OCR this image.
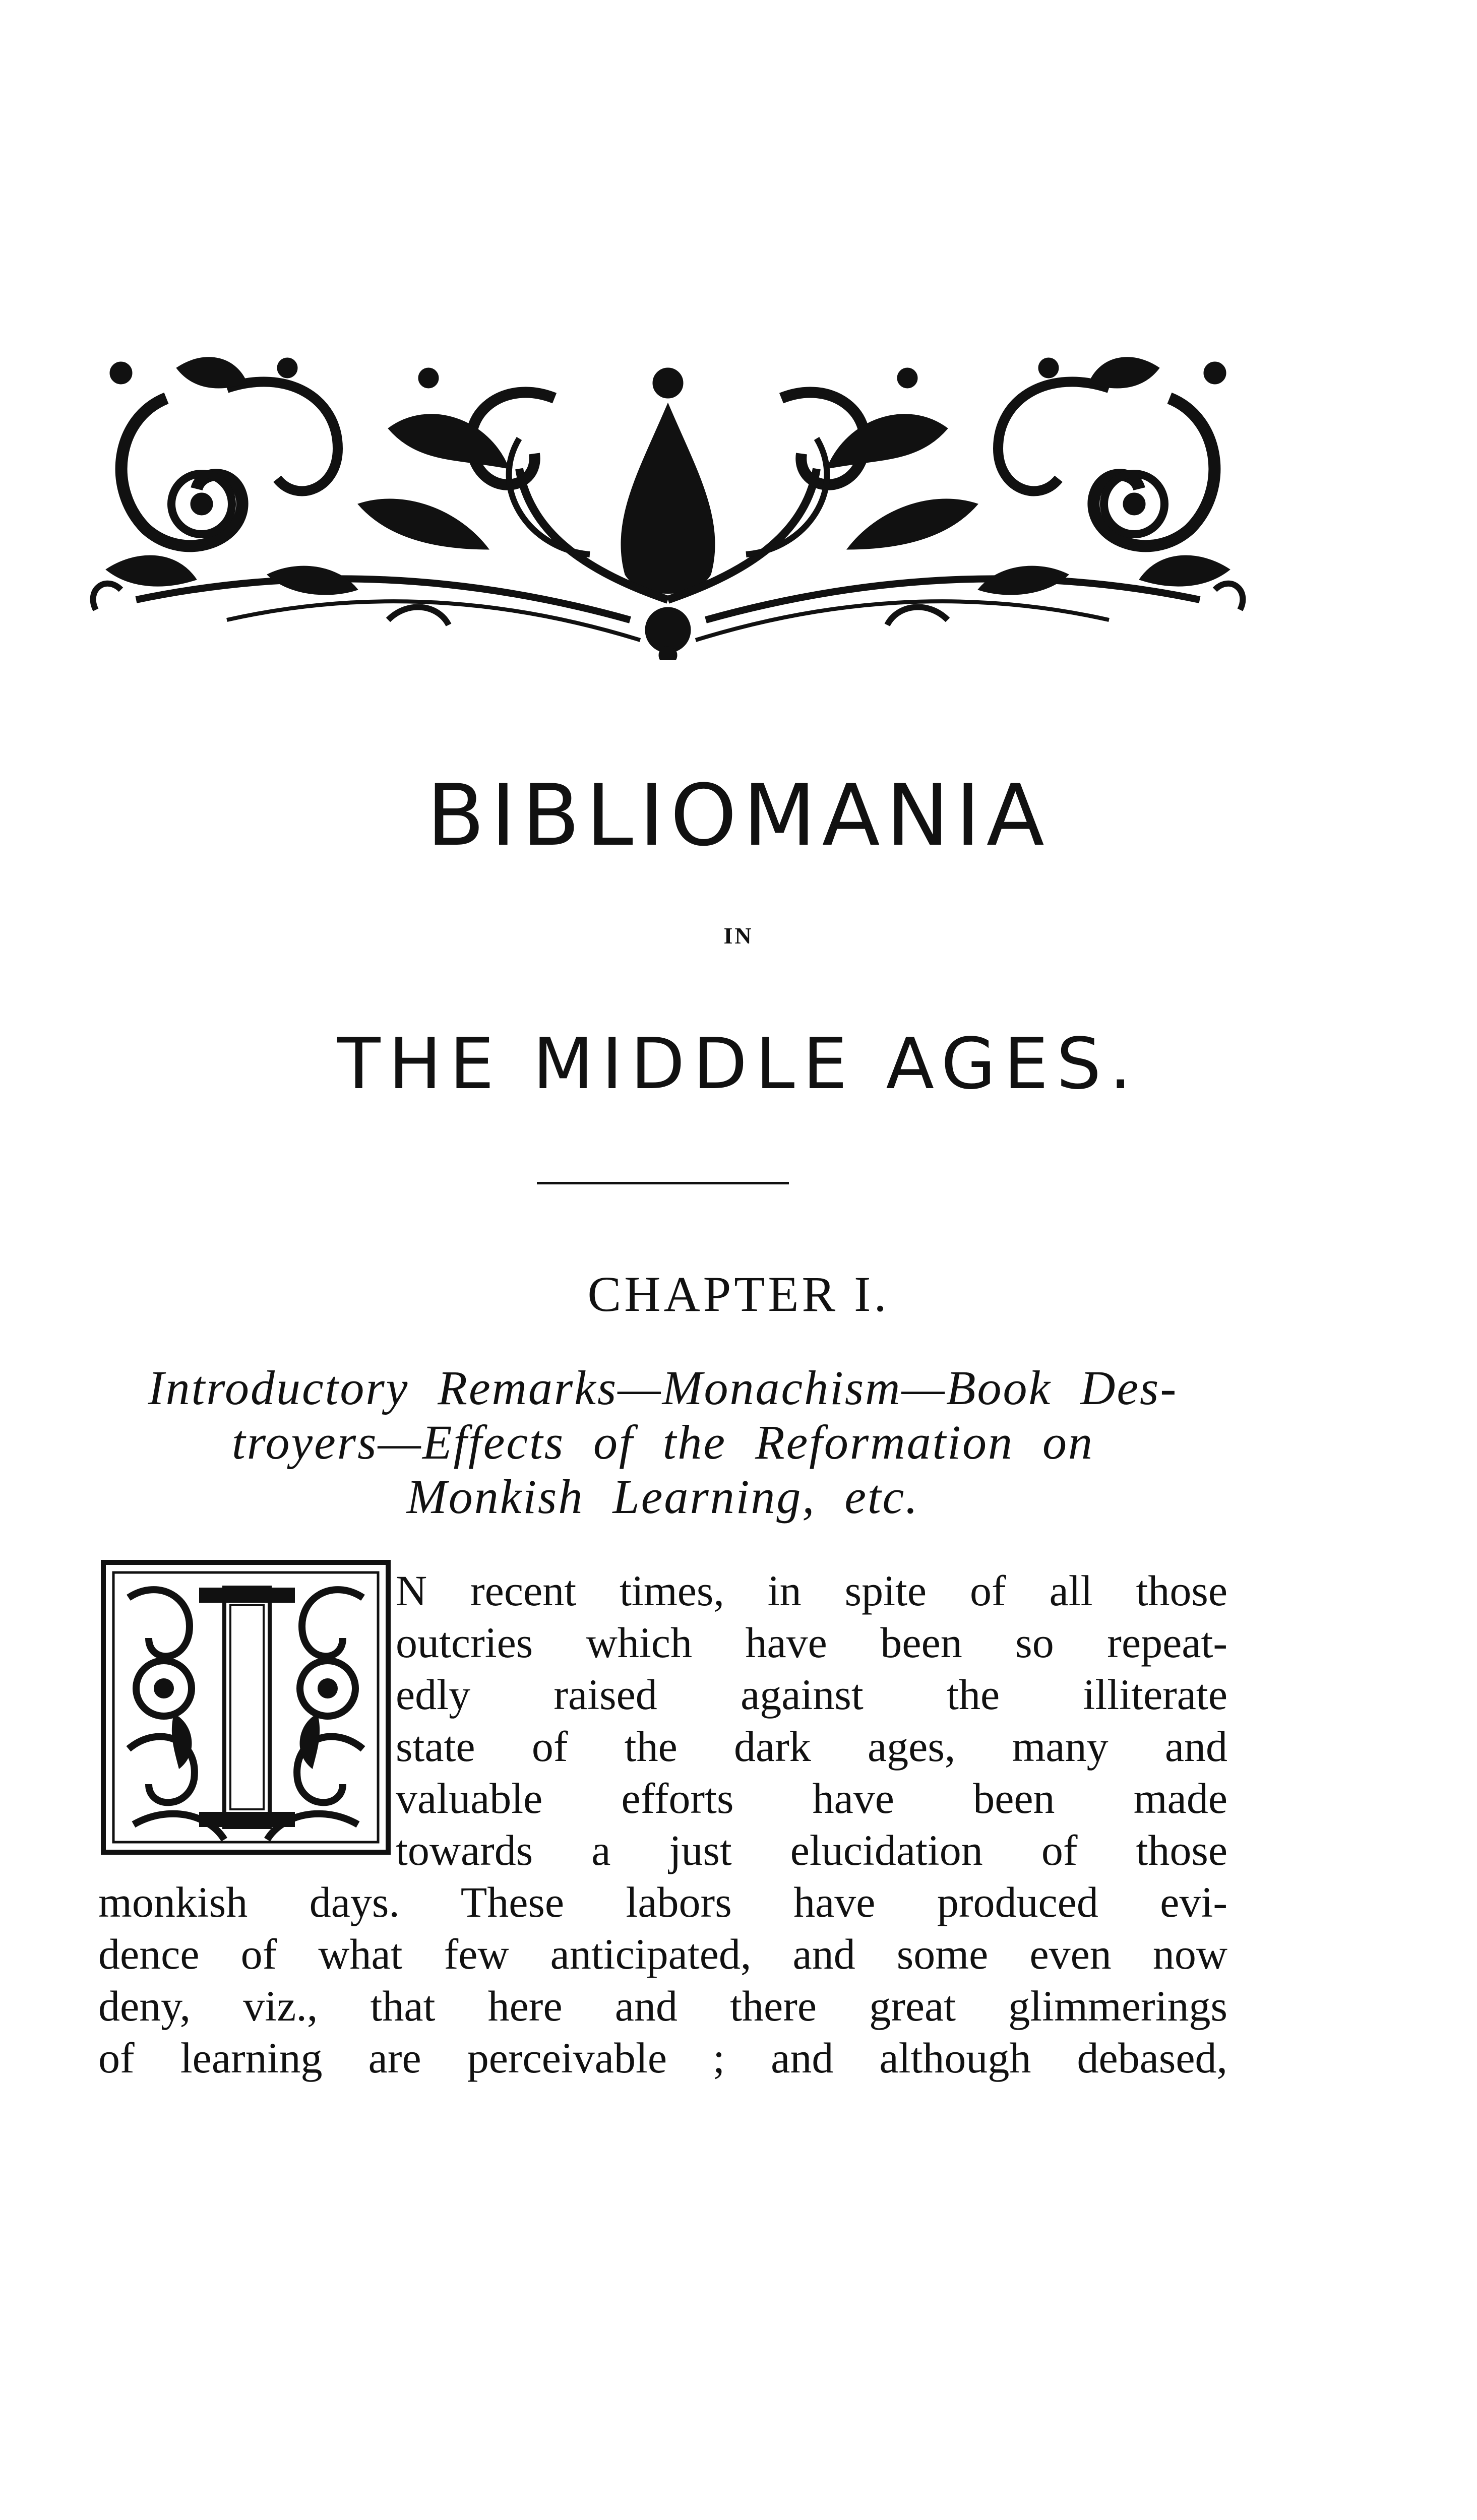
BIBLIOMANIA
IN
THE MIDDLE AGES.
CHAPTER I.
Introductory Remarks—Monachism—Book Des-
troyers—Effects of the Reformation on
Monkish Learning, etc.
N recent times, in spite of all those
outcries which have been so repeat-
edly raised against the illiterate
state of the dark ages, many and
valuable efforts have been made
towards a just elucidation of those
monkish days. These labors have produced evi-
dence of what few anticipated, and some even now
deny, viz., that here and there great glimmerings
of learning are perceivable ; and although debased,
